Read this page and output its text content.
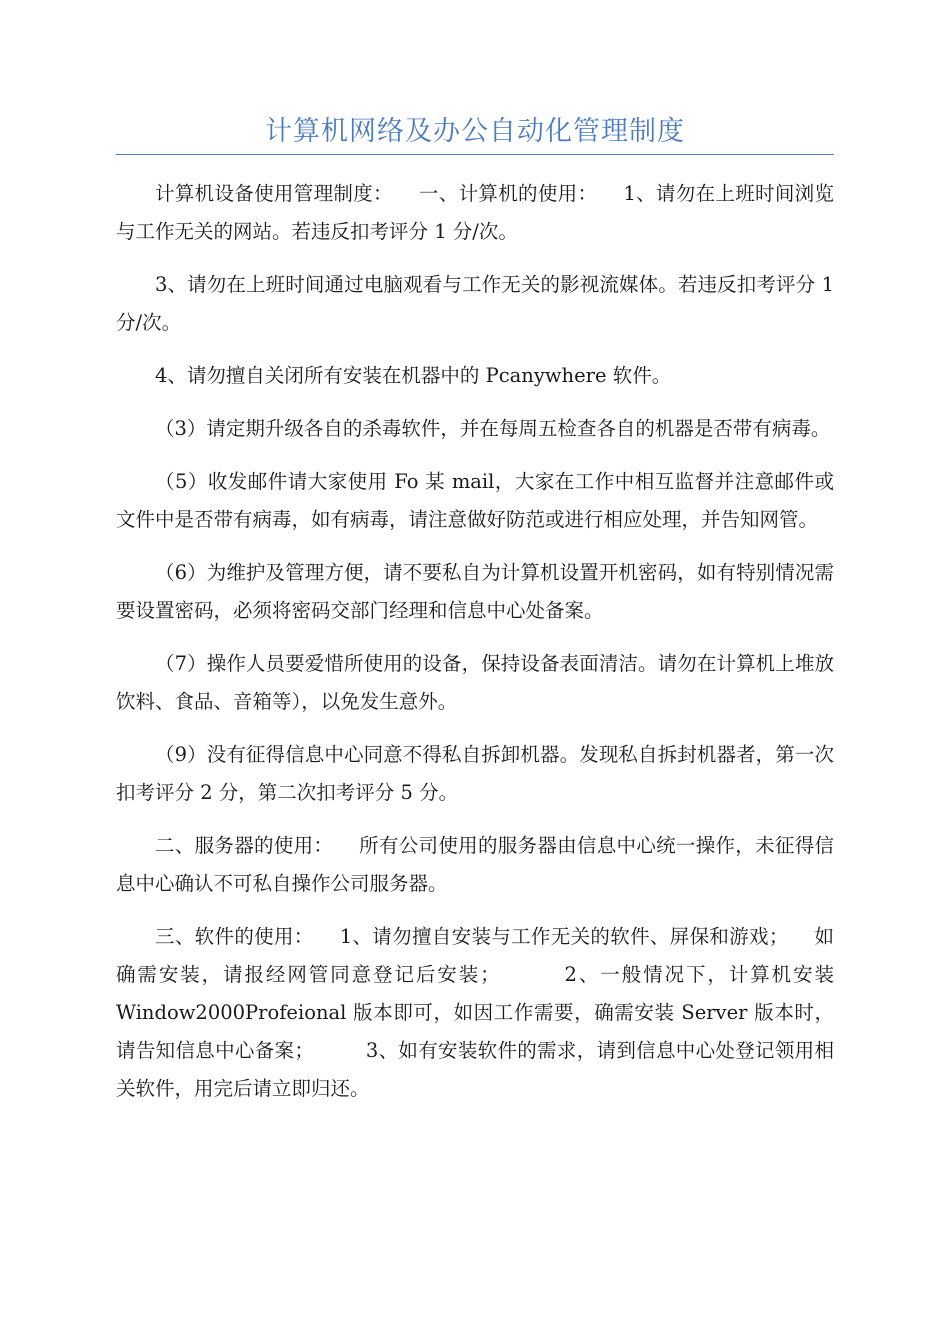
计算机网络及办公自动化管理制度

计算机设备使用管理制度：    一、计算机的使用：    1、请勿在上班时间浏览与工作无关的网站。若违反扣考评分 1 分/次。

3、请勿在上班时间通过电脑观看与工作无关的影视流媒体。若违反扣考评分 1 分/次。

4、请勿擅自关闭所有安装在机器中的 Pcanywhere 软件。

（3）请定期升级各自的杀毒软件，并在每周五检查各自的机器是否带有病毒。

（5）收发邮件请大家使用 Fo 某 mail，大家在工作中相互监督并注意邮件或文件中是否带有病毒，如有病毒，请注意做好防范或进行相应处理，并告知网管。

（6）为维护及管理方便，请不要私自为计算机设置开机密码，如有特别情况需要设置密码，必须将密码交部门经理和信息中心处备案。

（7）操作人员要爱惜所使用的设备，保持设备表面清洁。请勿在计算机上堆放饮料、食品、音箱等），以免发生意外。

（9）没有征得信息中心同意不得私自拆卸机器。发现私自拆封机器者，第一次扣考评分 2 分，第二次扣考评分 5 分。

二、服务器的使用：    所有公司使用的服务器由信息中心统一操作，未征得信息中心确认不可私自操作公司服务器。

三、软件的使用：    1、请勿擅自安装与工作无关的软件、屏保和游戏；    如确需安装，请报经网管同意登记后安装；        2、一般情况下，计算机安装 Window2000Profeional 版本即可，如因工作需要，确需安装 Server 版本时，请告知信息中心备案；        3、如有安装软件的需求，请到信息中心处登记领用相关软件，用完后请立即归还。
